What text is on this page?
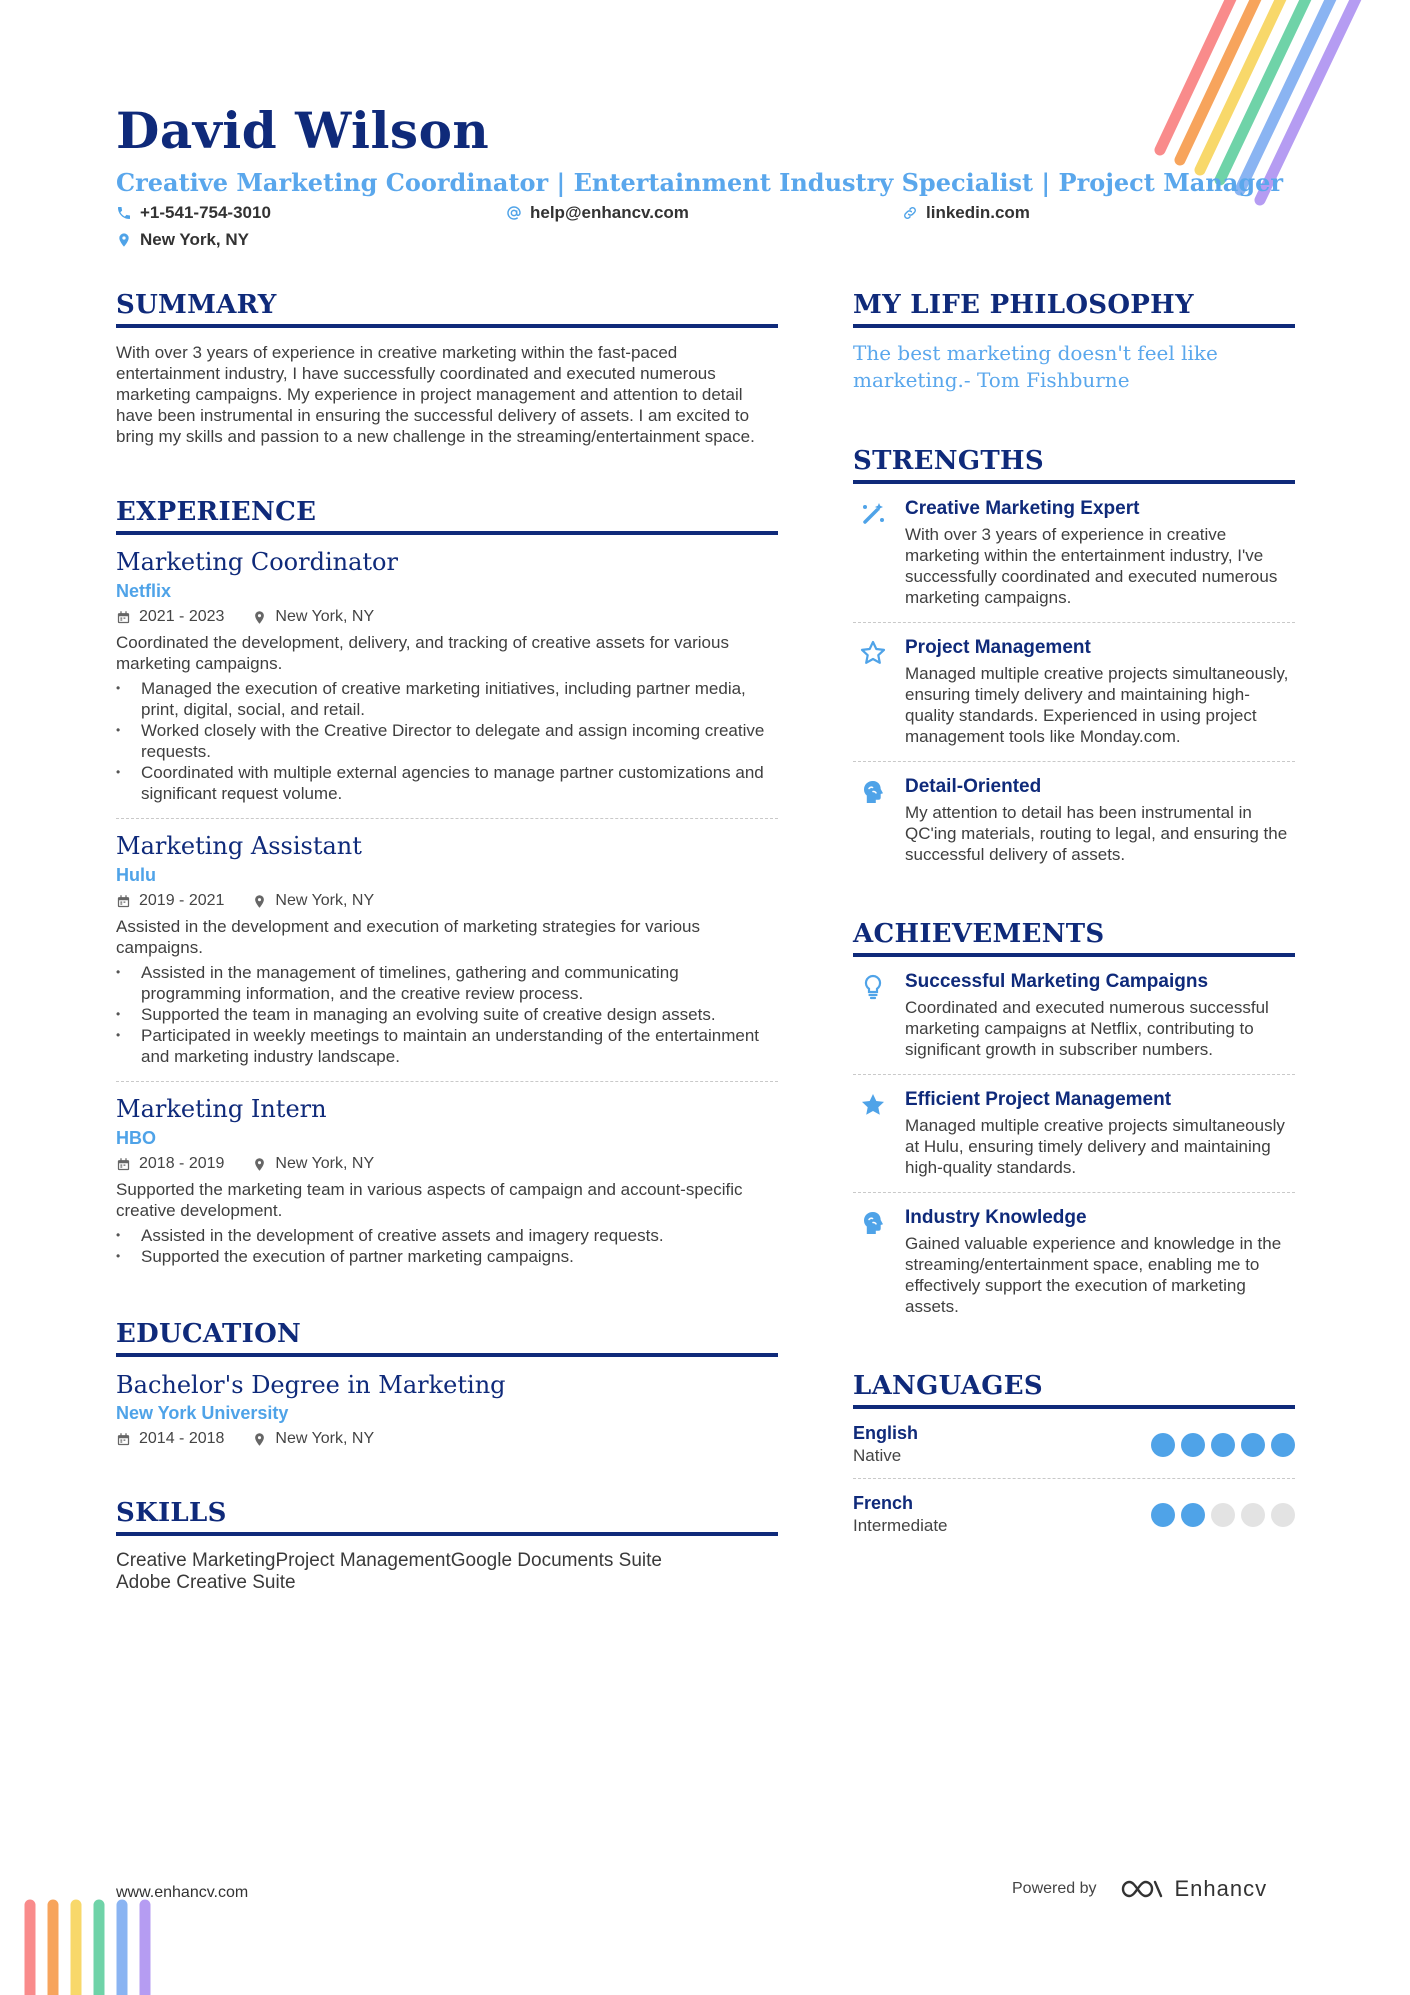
David Wilson
Creative Marketing Coordinator | Entertainment Industry Specialist | Project Manager
+1-541-754-3010	help@enhancv.com	linkedin.com
New York, NY
SUMMARY

With over 3 years of experience in creative marketing within the fast-paced entertainment industry, I have successfully coordinated and executed numerous marketing campaigns. My experience in project management and attention to detail have been instrumental in ensuring the successful delivery of assets. I am excited to bring my skills and passion to a new challenge in the streaming/entertainment space.

EXPERIENCE
Marketing Coordinator
Netflix
2021 - 2023	New York, NY

Coordinated the development, delivery, and tracking of creative assets for various marketing campaigns.

• Managed the execution of creative marketing initiatives, including partner media, print, digital, social, and retail.
• Worked closely with the Creative Director to delegate and assign incoming creative requests.
• Coordinated with multiple external agencies to manage partner customizations and significant request volume.
Marketing Assistant
Hulu
2019 - 2021	New York, NY

Assisted in the development and execution of marketing strategies for various campaigns.

• Assisted in the management of timelines, gathering and communicating programming information, and the creative review process.
• Supported the team in managing an evolving suite of creative design assets.
• Participated in weekly meetings to maintain an understanding of the entertainment and marketing industry landscape.
Marketing Intern
HBO
2018 - 2019	New York, NY

Supported the marketing team in various aspects of campaign and account-specific creative development.

• Assisted in the development of creative assets and imagery requests.
• Supported the execution of partner marketing campaigns.
EDUCATION
Bachelor's Degree in Marketing
New York University
2014 - 2018	New York, NY
SKILLS
Creative MarketingProject ManagementGoogle Documents Suite
Adobe Creative Suite
MY LIFE PHILOSOPHY
The best marketing doesn't feel like marketing.- Tom Fishburne
STRENGTHS
Creative Marketing Expert
With over 3 years of experience in creative marketing within the entertainment industry, I've successfully coordinated and executed numerous marketing campaigns.
Project Management
Managed multiple creative projects simultaneously, ensuring timely delivery and maintaining high-quality standards. Experienced in using project management tools like Monday.com.
Detail-Oriented
My attention to detail has been instrumental in QC'ing materials, routing to legal, and ensuring the successful delivery of assets.
ACHIEVEMENTS
Successful Marketing Campaigns
Coordinated and executed numerous successful marketing campaigns at Netflix, contributing to significant growth in subscriber numbers.
Efficient Project Management
Managed multiple creative projects simultaneously at Hulu, ensuring timely delivery and maintaining high-quality standards.
Industry Knowledge
Gained valuable experience and knowledge in the streaming/entertainment space, enabling me to effectively support the execution of marketing assets.
LANGUAGES
English
Native
French
Intermediate
www.enhancv.com	Powered by	Enhancv
